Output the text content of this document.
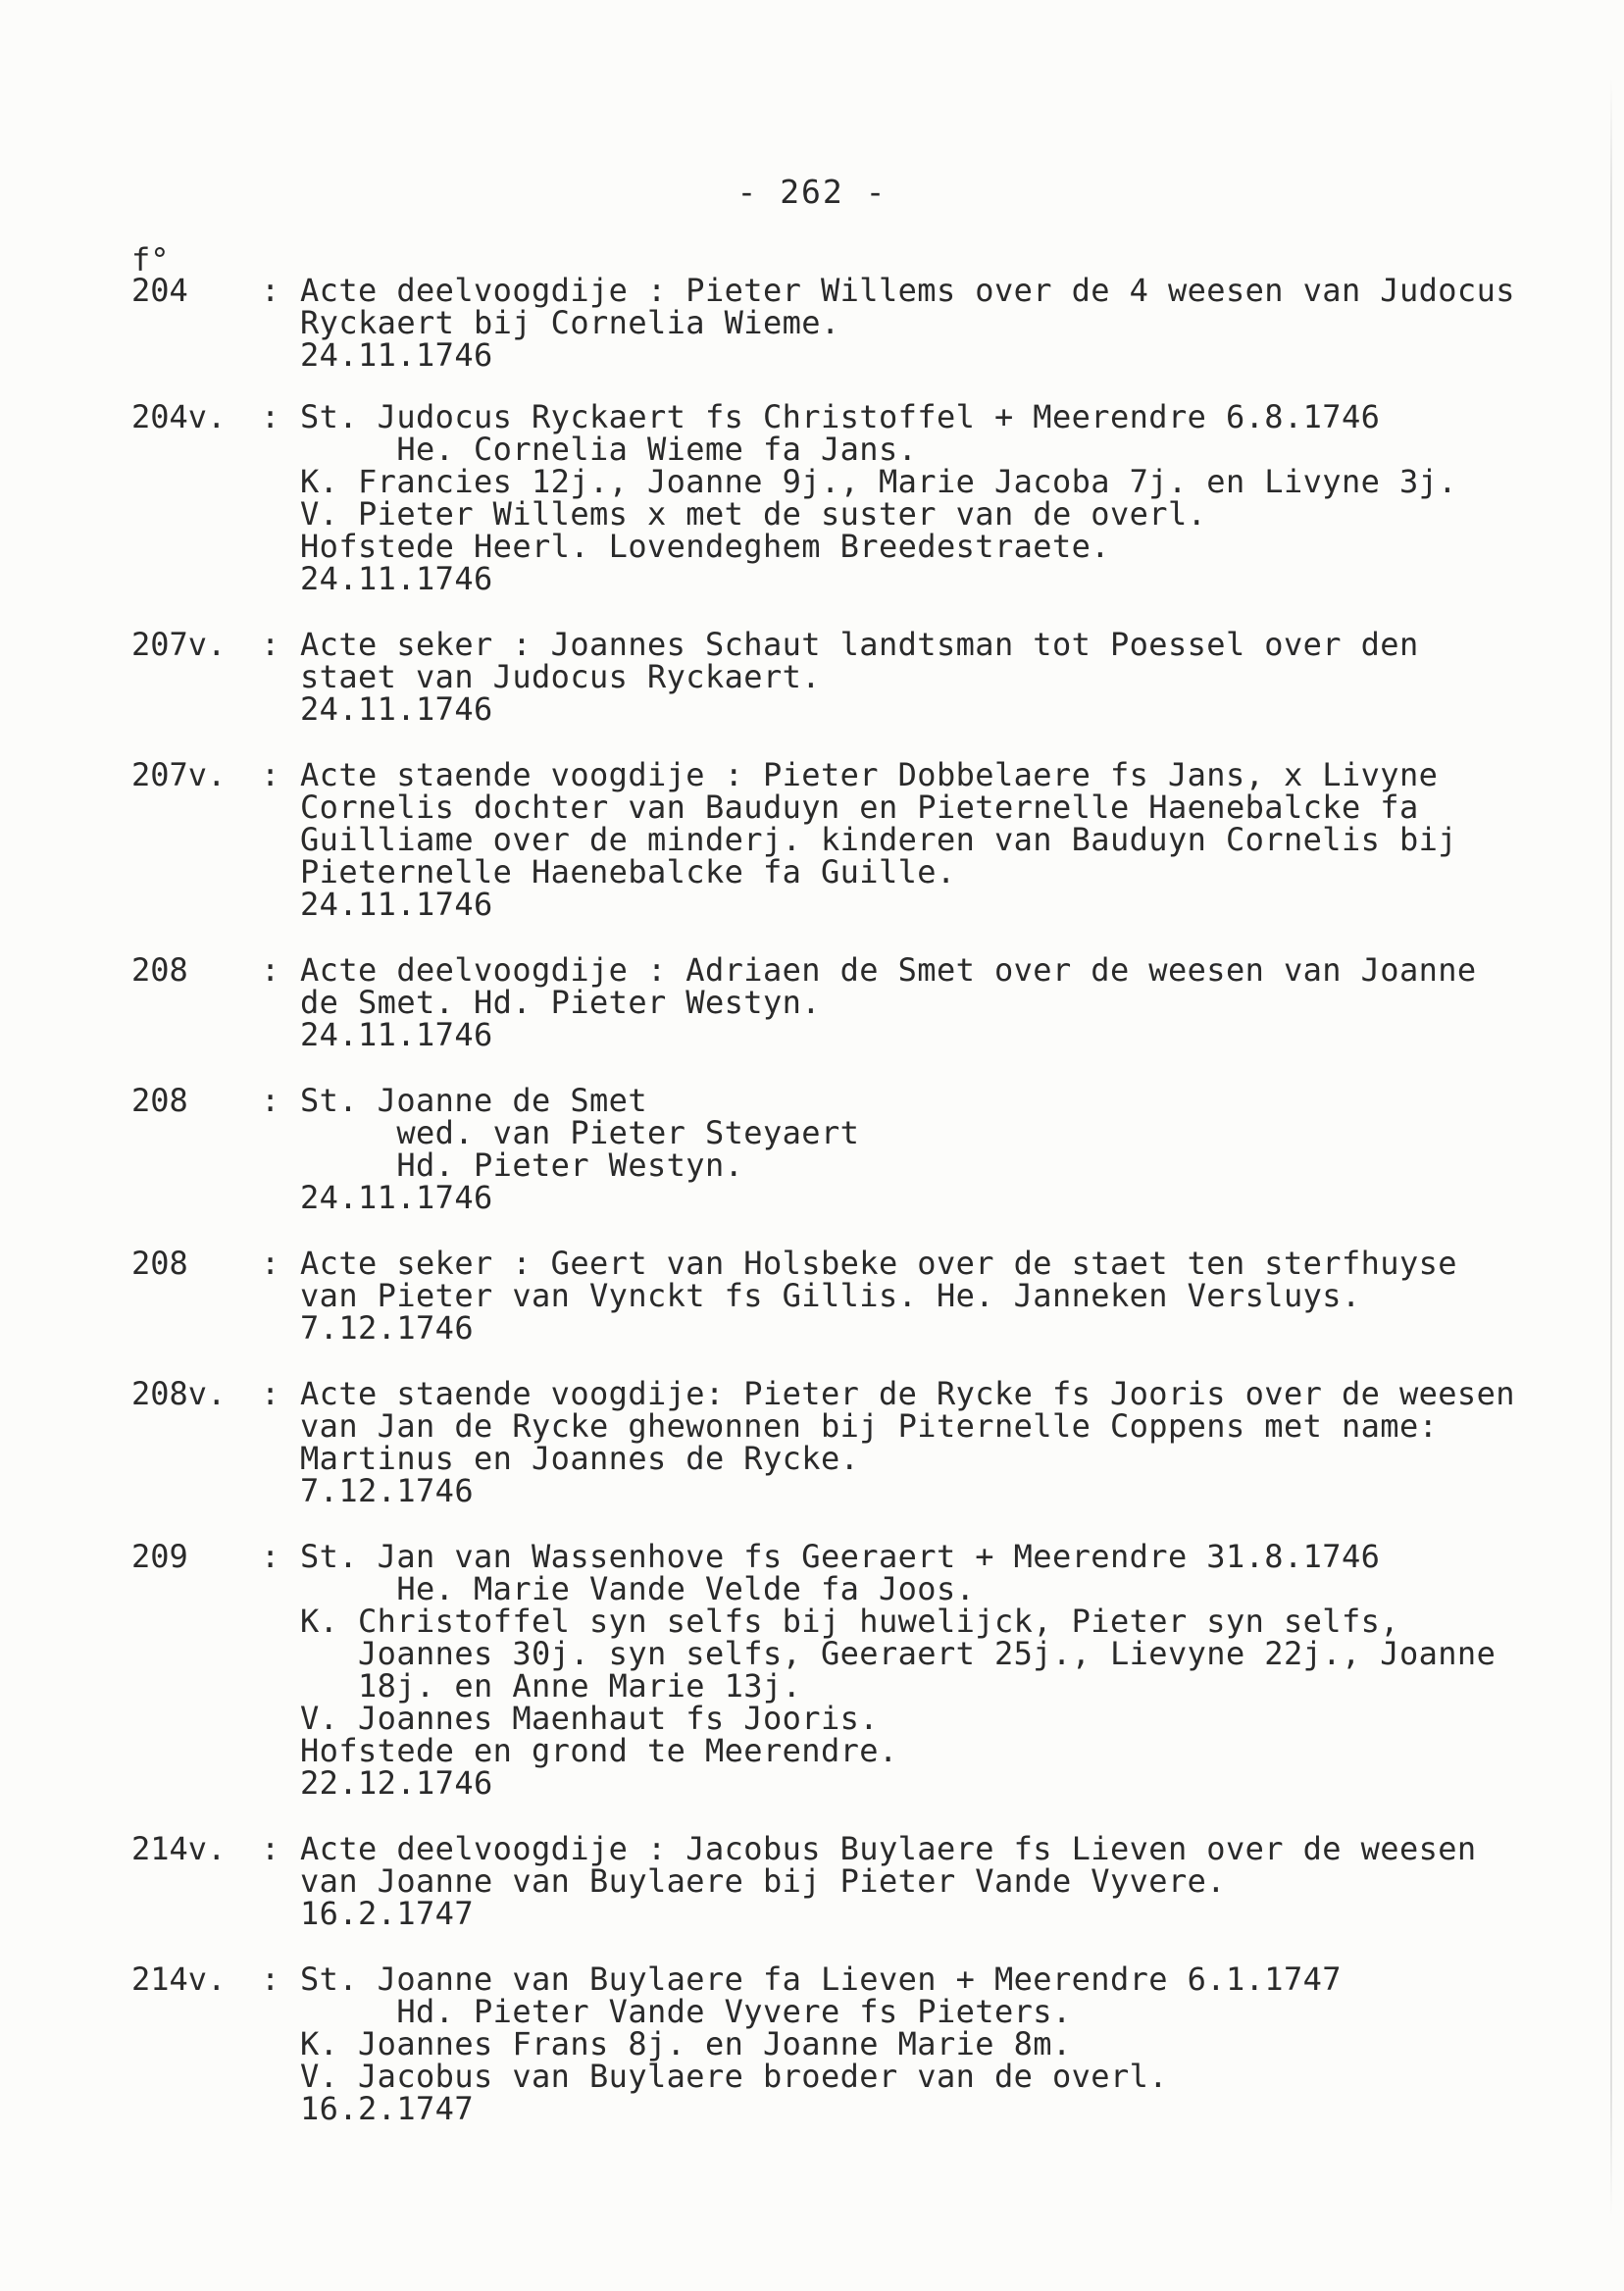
- 262 -
f°
204	: Acte deelvoogdije : Pieter Willems over de 4 weesen van Judocus
Ryckaert bij Cornelia Wieme.
24.11.1746
204v.	: St. Judocus Ryckaert fs Christoffel + Meerendre 6.8.1746
He. Cornelia Wieme fa Jans.
K. Francies 12j., Joanne 9j., Marie Jacoba 7j. en Livyne 3j.
V. Pieter Willems x met de suster van de overl.
Hofstede Heerl. Lovendeghem Breedestraete.
24.11.1746
207v.	: Acte seker : Joannes Schaut landtsman tot Poessel over den
staet van Judocus Ryckaert.
24.11.1746
207v.	: Acte staende voogdije : Pieter Dobbelaere fs Jans, x Livyne
Cornelis dochter van Bauduyn en Pieternelle Haenebalcke fa
Guilliame over de minderj. kinderen van Bauduyn Cornelis bij
Pieternelle Haenebalcke fa Guille.
24.11.1746
208	: Acte deelvoogdije : Adriaen de Smet over de weesen van Joanne
de Smet. Hd. Pieter Westyn.
24.11.1746
208	: St. Joanne de Smet
wed. van Pieter Steyaert
Hd. Pieter Westyn.
24.11.1746
208	: Acte seker : Geert van Holsbeke over de staet ten sterfhuyse
van Pieter van Vynckt fs Gillis. He. Janneken Versluys.
7.12.1746
208v.	: Acte staende voogdije: Pieter de Rycke fs Jooris over de weesen
van Jan de Rycke ghewonnen bij Piternelle Coppens met name:
Martinus en Joannes de Rycke.
7.12.1746
209	: St. Jan van Wassenhove fs Geeraert + Meerendre 31.8.1746
He. Marie Vande Velde fa Joos.
K. Christoffel syn selfs bij huwelijck, Pieter syn selfs,
Joannes 30j. syn selfs, Geeraert 25j., Lievyne 22j., Joanne
18j. en Anne Marie 13j.
V. Joannes Maenhaut fs Jooris.
Hofstede en grond te Meerendre.
22.12.1746
214v.	: Acte deelvoogdije : Jacobus Buylaere fs Lieven over de weesen
van Joanne van Buylaere bij Pieter Vande Vyvere.
16.2.1747
214v.	: St. Joanne van Buylaere fa Lieven + Meerendre 6.1.1747
Hd. Pieter Vande Vyvere fs Pieters.
K. Joannes Frans 8j. en Joanne Marie 8m.
V. Jacobus van Buylaere broeder van de overl.
16.2.1747
